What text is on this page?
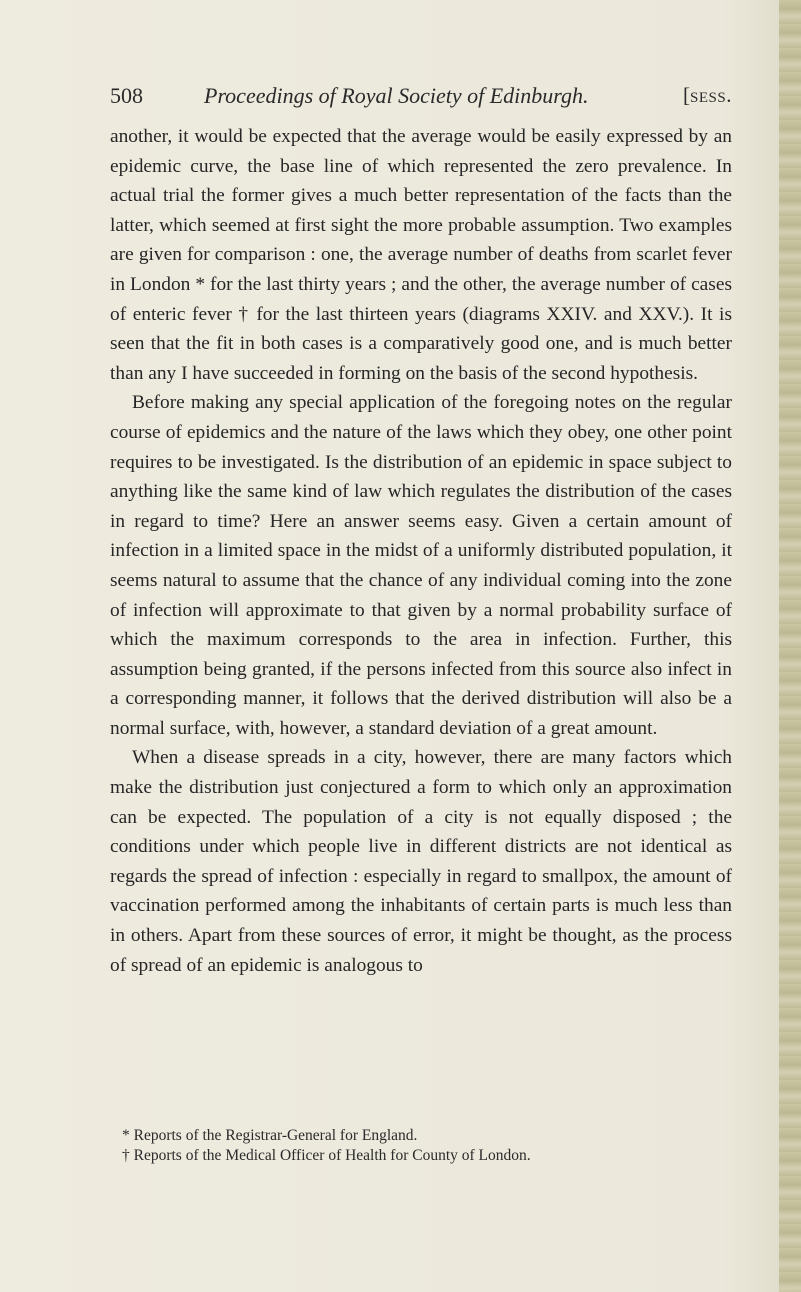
508	Proceedings of Royal Society of Edinburgh.	[sess.

another, it would be expected that the average would be easily expressed by an epidemic curve, the base line of which represented the zero prevalence. In actual trial the former gives a much better representation of the facts than the latter, which seemed at first sight the more probable assumption. Two examples are given for comparison : one, the average number of deaths from scarlet fever in London * for the last thirty years ; and the other, the average number of cases of enteric fever † for the last thirteen years (diagrams XXIV. and XXV.). It is seen that the fit in both cases is a comparatively good one, and is much better than any I have succeeded in forming on the basis of the second hypothesis.

Before making any special application of the foregoing notes on the regular course of epidemics and the nature of the laws which they obey, one other point requires to be investigated. Is the distribution of an epidemic in space subject to anything like the same kind of law which regulates the distribution of the cases in regard to time? Here an answer seems easy. Given a certain amount of infection in a limited space in the midst of a uniformly distributed population, it seems natural to assume that the chance of any individual coming into the zone of infection will approximate to that given by a normal probability surface of which the maximum corresponds to the area in infection. Further, this assumption being granted, if the persons infected from this source also infect in a corresponding manner, it follows that the derived distribution will also be a normal surface, with, however, a standard deviation of a great amount.

When a disease spreads in a city, however, there are many factors which make the distribution just conjectured a form to which only an approximation can be expected. The population of a city is not equally disposed ; the conditions under which people live in different districts are not identical as regards the spread of infection : especially in regard to smallpox, the amount of vaccination performed among the inhabitants of certain parts is much less than in others. Apart from these sources of error, it might be thought, as the process of spread of an epidemic is analogous to

* Reports of the Registrar-General for England.

† Reports of the Medical Officer of Health for County of London.
